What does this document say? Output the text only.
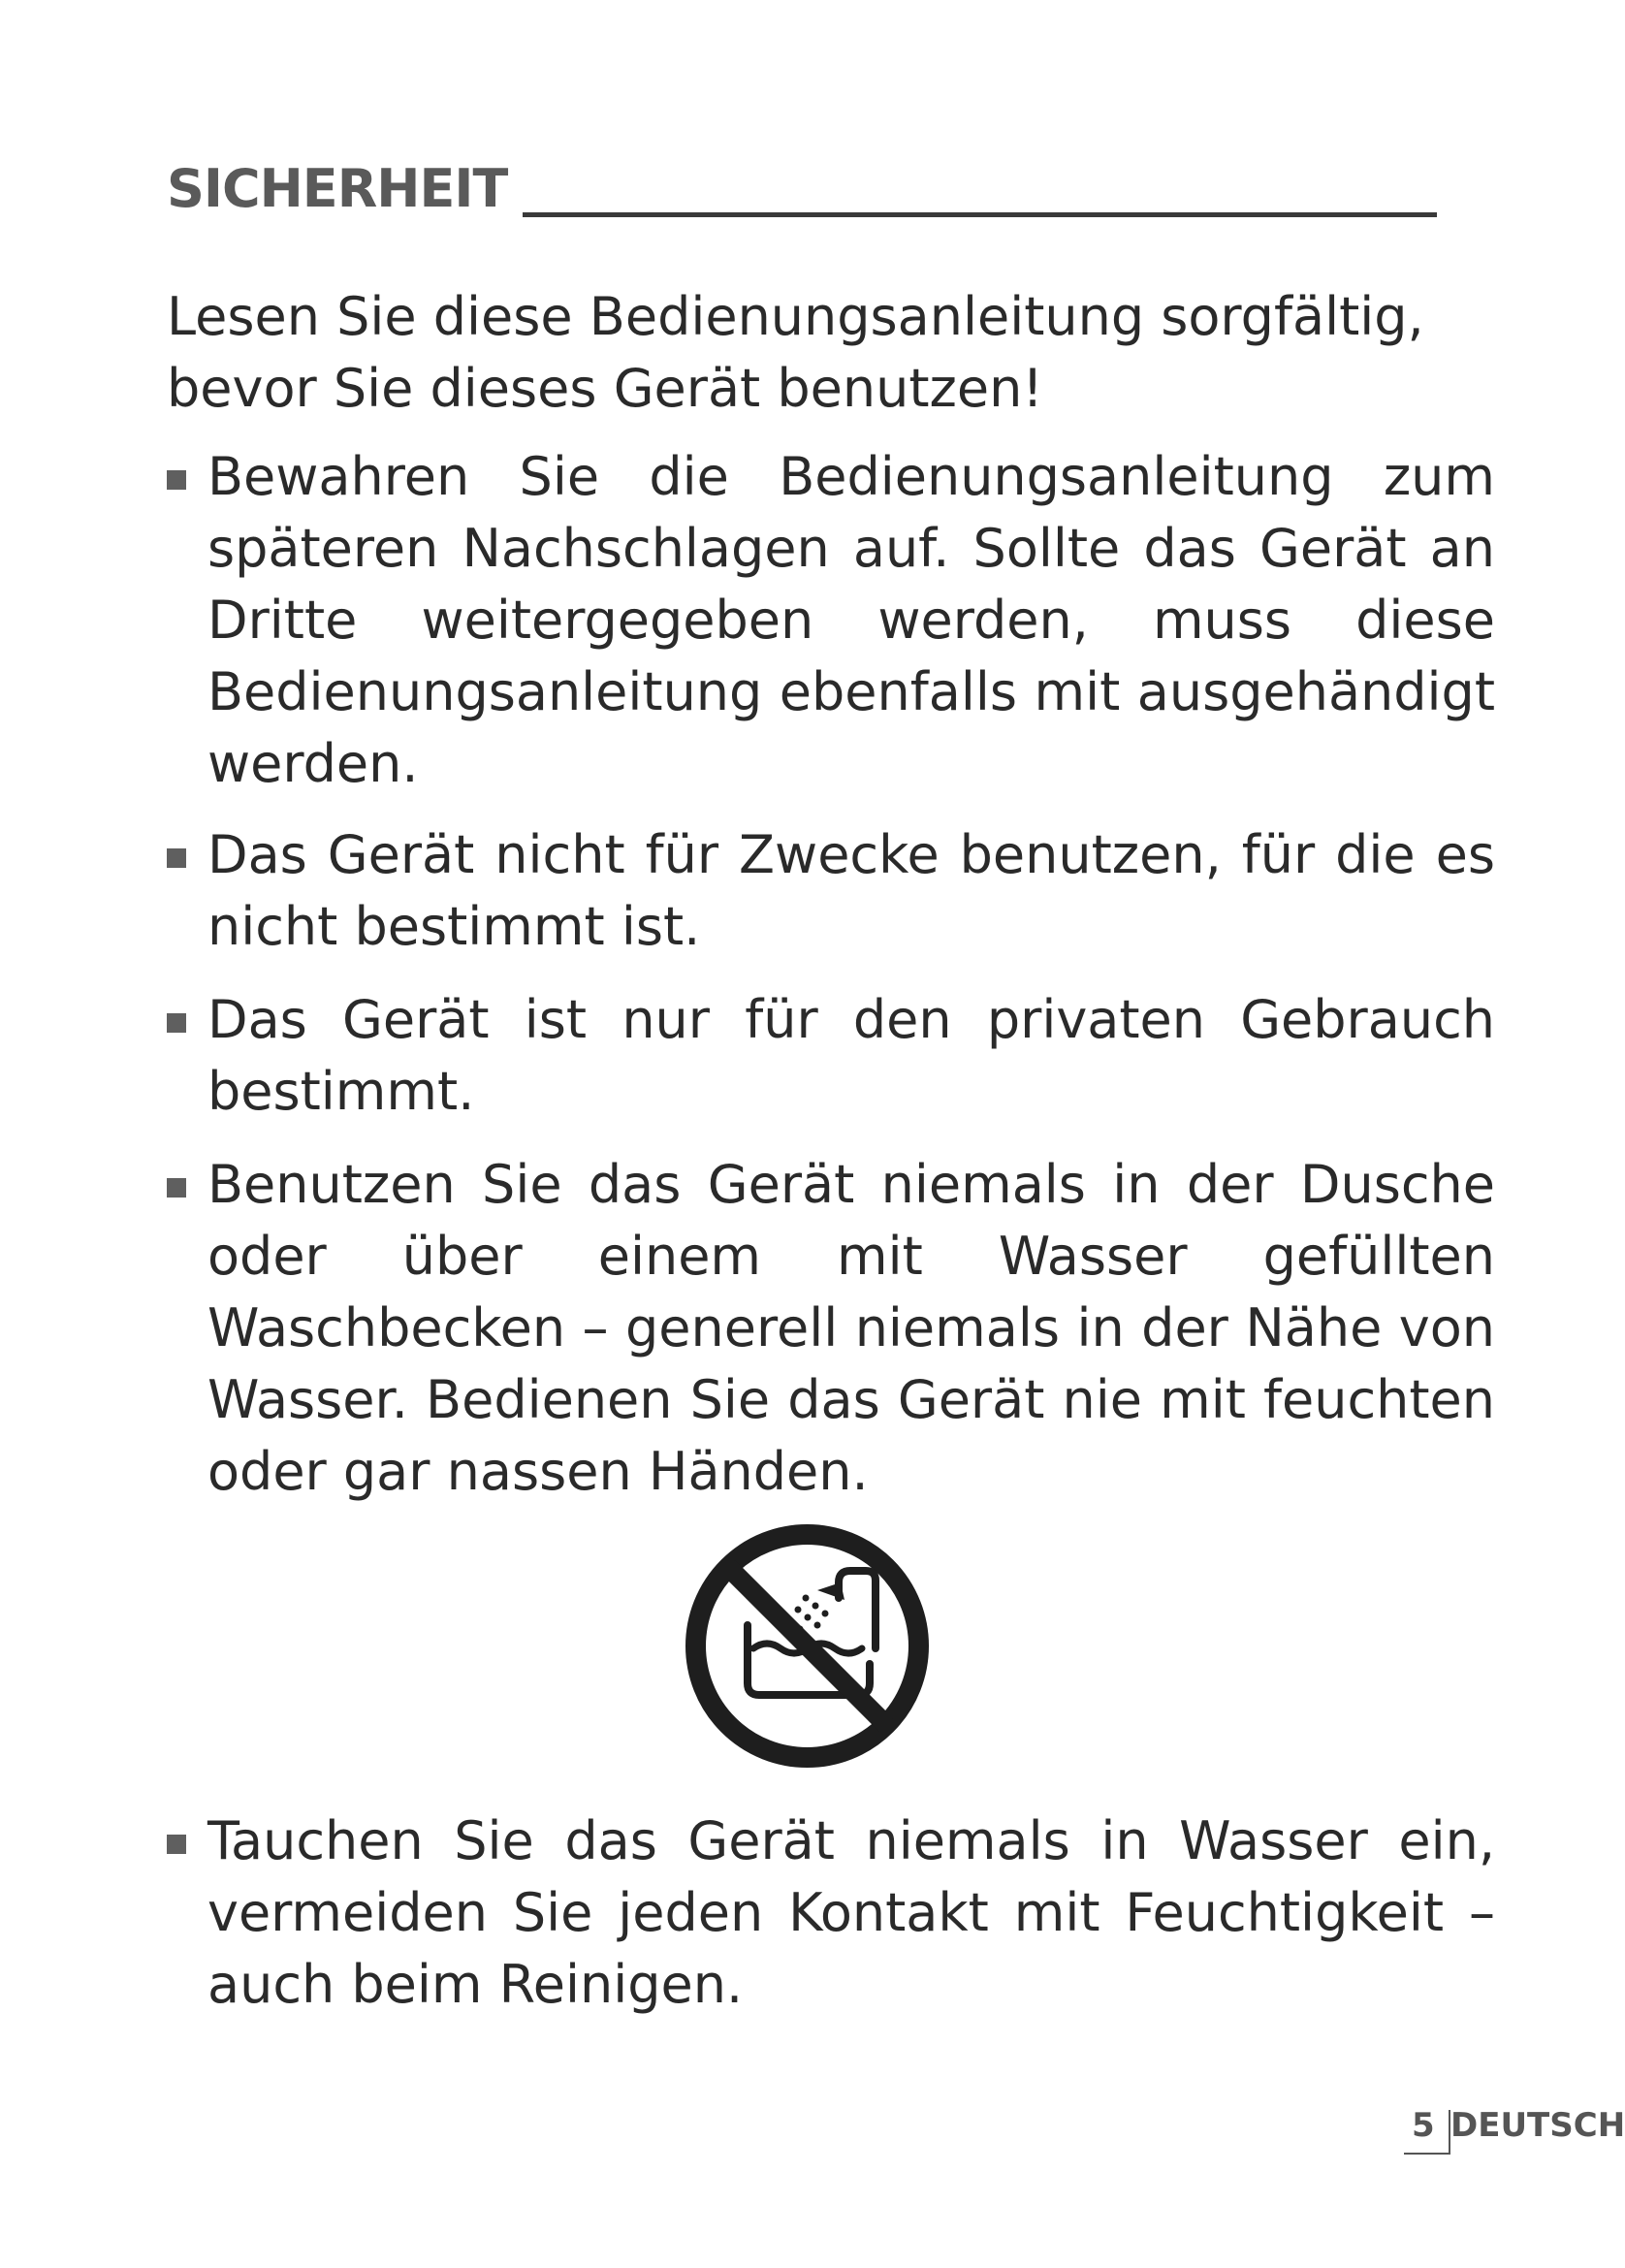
SICHERHEIT

Lesen Sie diese Bedienungsanleitung sorgfältig, bevor Sie dieses Gerät benutzen!

Bewahren Sie die Bedienungsanleitung zum späteren Nachschlagen auf. Sollte das Gerät an Dritte weitergegeben werden, muss diese Bedienungsanleitung ebenfalls mit ausgehändigt werden.

Das Gerät nicht für Zwecke benutzen, für die es nicht bestimmt ist.

Das Gerät ist nur für den privaten Gebrauch bestimmt.

Benutzen Sie das Gerät niemals in der Dusche oder über einem mit Wasser gefüllten Waschbecken – generell niemals in der Nähe von Wasser. Bedienen Sie das Gerät nie mit feuchten oder gar nassen Händen.

Tauchen Sie das Gerät niemals in Wasser ein, vermeiden Sie jeden Kontakt mit Feuchtigkeit – auch beim Reinigen.

5 DEUTSCH
